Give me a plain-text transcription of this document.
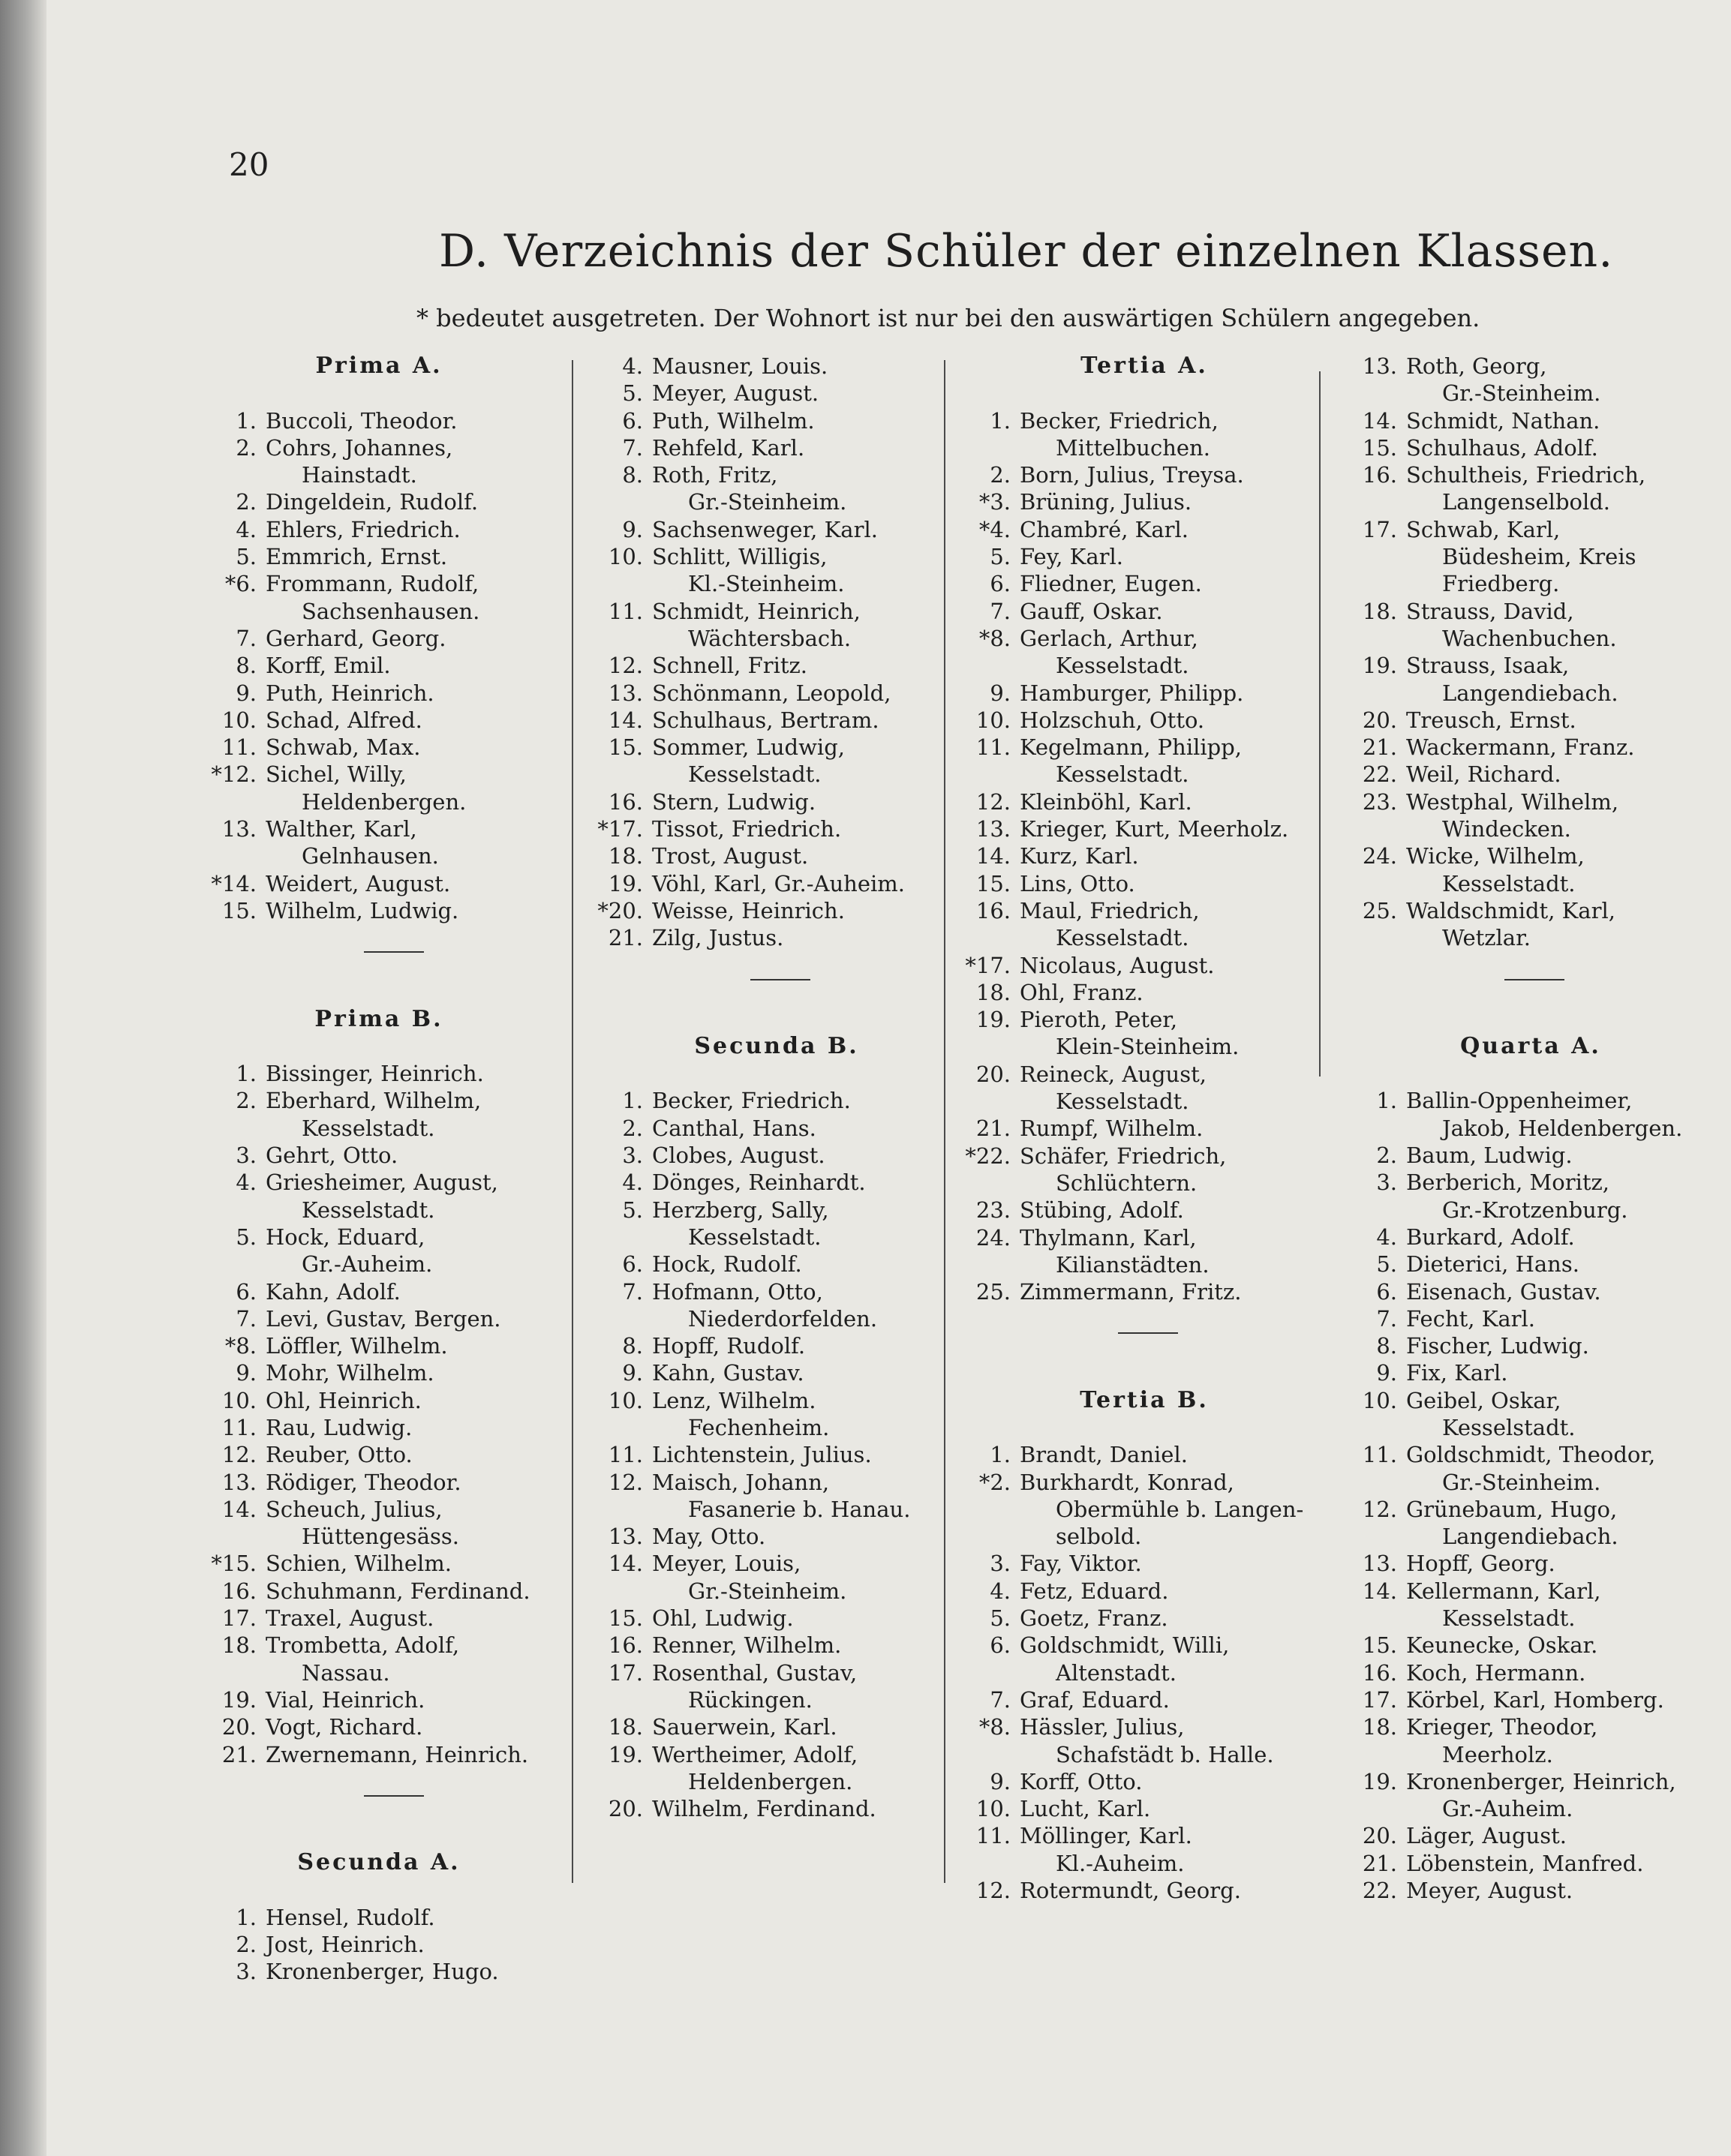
20
D. Verzeichnis der Schüler der einzelnen Klassen.
* bedeutet ausgetreten. Der Wohnort ist nur bei den auswärtigen Schülern angegeben.
Prima A.
1. Buccoli, Theodor.
2. Cohrs, Johannes,
Hainstadt.
2. Dingeldein, Rudolf.
4. Ehlers, Friedrich.
5. Emmrich, Ernst.
*6. Frommann, Rudolf,
Sachsenhausen.
7. Gerhard, Georg.
8. Korff, Emil.
9. Puth, Heinrich.
10. Schad, Alfred.
11. Schwab, Max.
*12. Sichel, Willy,
Heldenbergen.
13. Walther, Karl,
Gelnhausen.
*14. Weidert, August.
15. Wilhelm, Ludwig.
Prima B.
1. Bissinger, Heinrich.
2. Eberhard, Wilhelm,
Kesselstadt.
3. Gehrt, Otto.
4. Griesheimer, August,
Kesselstadt.
5. Hock, Eduard,
Gr.-Auheim.
6. Kahn, Adolf.
7. Levi, Gustav, Bergen.
*8. Löffler, Wilhelm.
9. Mohr, Wilhelm.
10. Ohl, Heinrich.
11. Rau, Ludwig.
12. Reuber, Otto.
13. Rödiger, Theodor.
14. Scheuch, Julius,
Hüttengesäss.
*15. Schien, Wilhelm.
16. Schuhmann, Ferdinand.
17. Traxel, August.
18. Trombetta, Adolf,
Nassau.
19. Vial, Heinrich.
20. Vogt, Richard.
21. Zwernemann, Heinrich.
Secunda A.
1. Hensel, Rudolf.
2. Jost, Heinrich.
3. Kronenberger, Hugo.
4. Mausner, Louis.
5. Meyer, August.
6. Puth, Wilhelm.
7. Rehfeld, Karl.
8. Roth, Fritz,
Gr.-Steinheim.
9. Sachsenweger, Karl.
10. Schlitt, Willigis,
Kl.-Steinheim.
11. Schmidt, Heinrich,
Wächtersbach.
12. Schnell, Fritz.
13. Schönmann, Leopold,
14. Schulhaus, Bertram.
15. Sommer, Ludwig,
Kesselstadt.
16. Stern, Ludwig.
*17. Tissot, Friedrich.
18. Trost, August.
19. Vöhl, Karl, Gr.-Auheim.
*20. Weisse, Heinrich.
21. Zilg, Justus.
Secunda B.
1. Becker, Friedrich.
2. Canthal, Hans.
3. Clobes, August.
4. Dönges, Reinhardt.
5. Herzberg, Sally,
Kesselstadt.
6. Hock, Rudolf.
7. Hofmann, Otto,
Niederdorfelden.
8. Hopff, Rudolf.
9. Kahn, Gustav.
10. Lenz, Wilhelm.
Fechenheim.
11. Lichtenstein, Julius.
12. Maisch, Johann,
Fasanerie b. Hanau.
13. May, Otto.
14. Meyer, Louis,
Gr.-Steinheim.
15. Ohl, Ludwig.
16. Renner, Wilhelm.
17. Rosenthal, Gustav,
Rückingen.
18. Sauerwein, Karl.
19. Wertheimer, Adolf,
Heldenbergen.
20. Wilhelm, Ferdinand.
Tertia A.
1. Becker, Friedrich,
Mittelbuchen.
2. Born, Julius, Treysa.
*3. Brüning, Julius.
*4. Chambré, Karl.
5. Fey, Karl.
6. Fliedner, Eugen.
7. Gauff, Oskar.
*8. Gerlach, Arthur,
Kesselstadt.
9. Hamburger, Philipp.
10. Holzschuh, Otto.
11. Kegelmann, Philipp,
Kesselstadt.
12. Kleinböhl, Karl.
13. Krieger, Kurt, Meerholz.
14. Kurz, Karl.
15. Lins, Otto.
16. Maul, Friedrich,
Kesselstadt.
*17. Nicolaus, August.
18. Ohl, Franz.
19. Pieroth, Peter,
Klein-Steinheim.
20. Reineck, August,
Kesselstadt.
21. Rumpf, Wilhelm.
*22. Schäfer, Friedrich,
Schlüchtern.
23. Stübing, Adolf.
24. Thylmann, Karl,
Kilianstädten.
25. Zimmermann, Fritz.
Tertia B.
1. Brandt, Daniel.
*2. Burkhardt, Konrad,
Obermühle b. Langen-
selbold.
3. Fay, Viktor.
4. Fetz, Eduard.
5. Goetz, Franz.
6. Goldschmidt, Willi,
Altenstadt.
7. Graf, Eduard.
*8. Hässler, Julius,
Schafstädt b. Halle.
9. Korff, Otto.
10. Lucht, Karl.
11. Möllinger, Karl.
Kl.-Auheim.
12. Rotermundt, Georg.
13. Roth, Georg,
Gr.-Steinheim.
14. Schmidt, Nathan.
15. Schulhaus, Adolf.
16. Schultheis, Friedrich,
Langenselbold.
17. Schwab, Karl,
Büdesheim, Kreis
Friedberg.
18. Strauss, David,
Wachenbuchen.
19. Strauss, Isaak,
Langendiebach.
20. Treusch, Ernst.
21. Wackermann, Franz.
22. Weil, Richard.
23. Westphal, Wilhelm,
Windecken.
24. Wicke, Wilhelm,
Kesselstadt.
25. Waldschmidt, Karl,
Wetzlar.
Quarta A.
1. Ballin-Oppenheimer,
Jakob, Heldenbergen.
2. Baum, Ludwig.
3. Berberich, Moritz,
Gr.-Krotzenburg.
4. Burkard, Adolf.
5. Dieterici, Hans.
6. Eisenach, Gustav.
7. Fecht, Karl.
8. Fischer, Ludwig.
9. Fix, Karl.
10. Geibel, Oskar,
Kesselstadt.
11. Goldschmidt, Theodor,
Gr.-Steinheim.
12. Grünebaum, Hugo,
Langendiebach.
13. Hopff, Georg.
14. Kellermann, Karl,
Kesselstadt.
15. Keunecke, Oskar.
16. Koch, Hermann.
17. Körbel, Karl, Homberg.
18. Krieger, Theodor,
Meerholz.
19. Kronenberger, Heinrich,
Gr.-Auheim.
20. Läger, August.
21. Löbenstein, Manfred.
22. Meyer, August.
